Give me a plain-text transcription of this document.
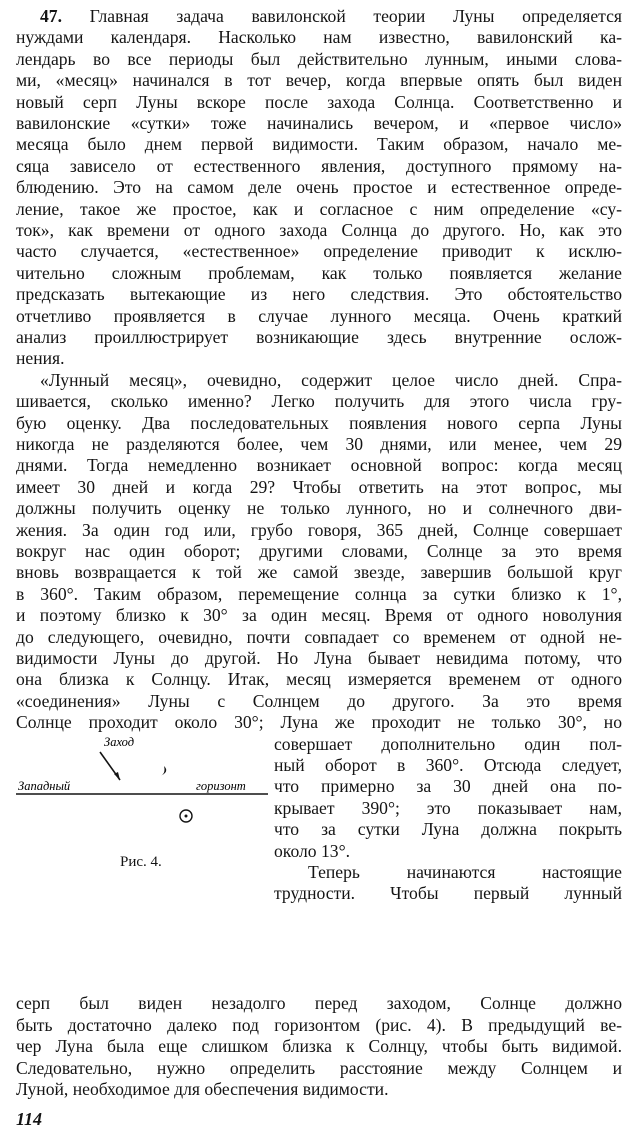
47. Главная задача вавилонской теории Луны определяется
нуждами календаря. Насколько нам известно, вавилонский ка-
лендарь во все периоды был действительно лунным, иными слова-
ми, «месяц» начинался в тот вечер, когда впервые опять был виден
новый серп Луны вскоре после захода Солнца. Соответственно и
вавилонские «сутки» тоже начинались вечером, и «первое число»
месяца было днем первой видимости. Таким образом, начало ме-
сяца зависело от естественного явления, доступного прямому на-
блюдению. Это на самом деле очень простое и естественное опреде-
ление, такое же простое, как и согласное с ним определение «су-
ток», как времени от одного захода Солнца до другого. Но, как это
часто случается, «естественное» определение приводит к исклю-
чительно сложным проблемам, как только появляется желание
предсказать вытекающие из него следствия. Это обстоятельство
отчетливо проявляется в случае лунного месяца. Очень краткий
анализ проиллюстрирует возникающие здесь внутренние ослож-
нения.
«Лунный месяц», очевидно, содержит целое число дней. Спра-
шивается, сколько именно? Легко получить для этого числа гру-
бую оценку. Два последовательных появления нового серпа Луны
никогда не разделяются более, чем 30 днями, или менее, чем 29
днями. Тогда немедленно возникает основной вопрос: когда месяц
имеет 30 дней и когда 29? Чтобы ответить на этот вопрос, мы
должны получить оценку не только лунного, но и солнечного дви-
жения. За один год или, грубо говоря, 365 дней, Солнце совершает
вокруг нас один оборот; другими словами, Солнце за это время
вновь возвращается к той же самой звезде, завершив большой круг
в 360°. Таким образом, перемещение солнца за сутки близко к 1°,
и поэтому близко к 30° за один месяц. Время от одного новолуния
до следующего, очевидно, почти совпадает со временем от одной не-
видимости Луны до другой. Но Луна бывает невидима потому, что
она близка к Солнцу. Итак, месяц измеряется временем от одного
«соединения» Луны с Солнцем до другого. За это время
Солнце проходит около 30°; Луна же проходит не только 30°, но
совершает дополнительно один пол-
ный оборот в 360°. Отсюда следует,
что примерно за 30 дней она по-
крывает 390°; это показывает нам,
что за сутки Луна должна покрыть
около 13°.
Теперь начинаются настоящие
трудности. Чтобы первый лунный
Заход
Западный	горизонт
Рис. 4.
114
серп был виден незадолго перед заходом, Солнце должно
быть достаточно далеко под горизонтом (рис. 4). В предыдущий ве-
чер Луна была еще слишком близка к Солнцу, чтобы быть видимой.
Следовательно, нужно определить расстояние между Солнцем и
Луной, необходимое для обеспечения видимости.
